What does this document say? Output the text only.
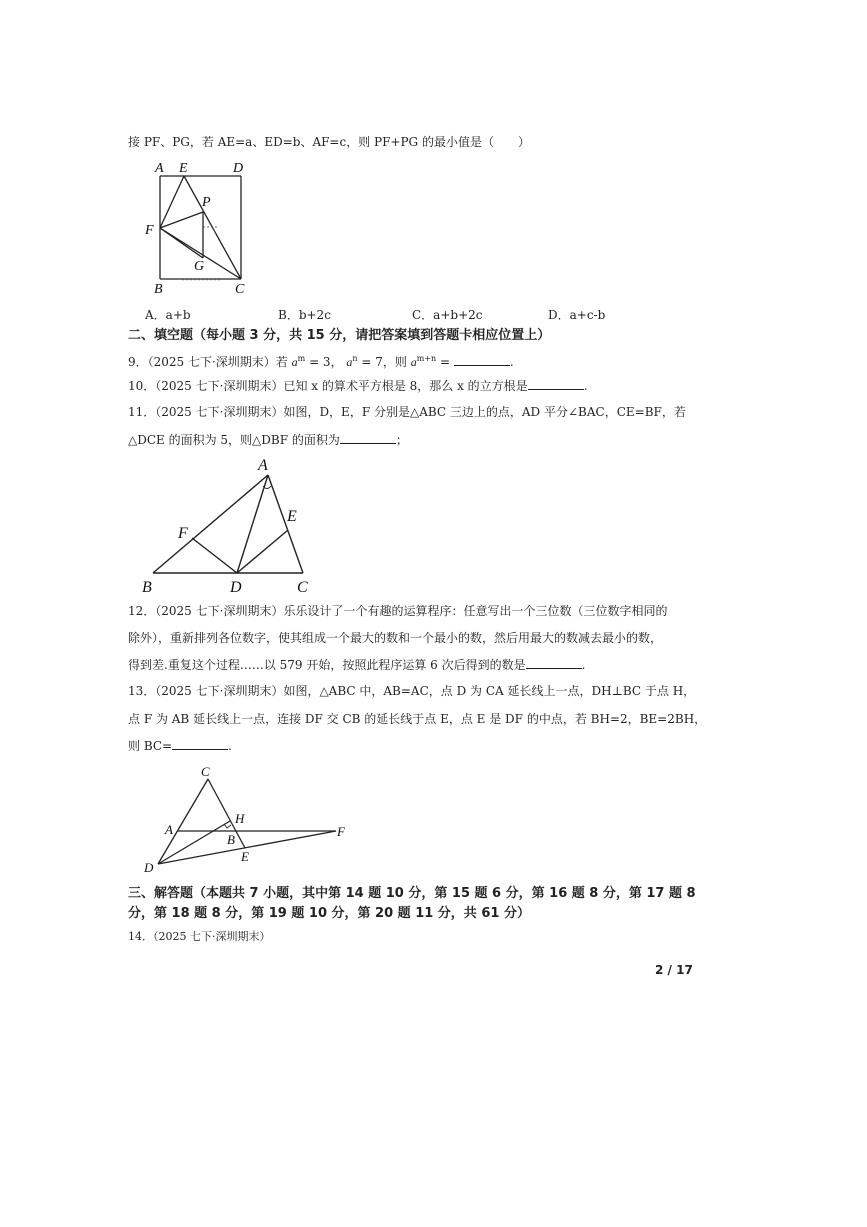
接 PF、PG，若 AE=a、ED=b、AF=c，则 PF+PG 的最小值是（　　）
A E	D
P
F
G
B	C
A．a+b	B．b+2c	C．a+b+2c	D．a+c-b
二、填空题（每小题 3 分，共 15 分，请把答案填到答题卡相应位置上）
9．（2025 七下·深圳期末）若 $a^m = 3$， $a^n = 7$，则 $a^{m+n}$ =	.
10．（2025 七下·深圳期末）已知 x 的算术平方根是 8，那么 x 的立方根是	.
11．（2025 七下·深圳期末）如图，D，E，F 分别是△ABC 三边上的点，AD 平分∠BAC，CE=BF，若
△DCE 的面积为 5，则△DBF 的面积为	；
A
E
F
B	D	C
12．（2025 七下·深圳期末）乐乐设计了一个有趣的运算程序：任意写出一个三位数（三位数字相同的
除外），重新排列各位数字，使其组成一个最大的数和一个最小的数，然后用最大的数减去最小的数，
得到差.重复这个过程……以 579 开始，按照此程序运算 6 次后得到的数是	.
13．（2025 七下·深圳期末）如图，△ABC 中，AB=AC，点 D 为 CA 延长线上一点，DH⊥BC 于点 H，
点 F 为 AB 延长线上一点，连接 DF 交 CB 的延长线于点 E，点 E 是 DF 的中点，若 BH=2，BE=2BH，
则 BC=	.
C
A
H
B
F
D
E
三、解答题（本题共 7 小题，其中第 14 题 10 分，第 15 题 6 分，第 16 题 8 分，第 17 题 8
分，第 18 题 8 分，第 19 题 10 分，第 20 题 11 分，共 61 分）
14．（2025 七下·深圳期末）
2 / 17
